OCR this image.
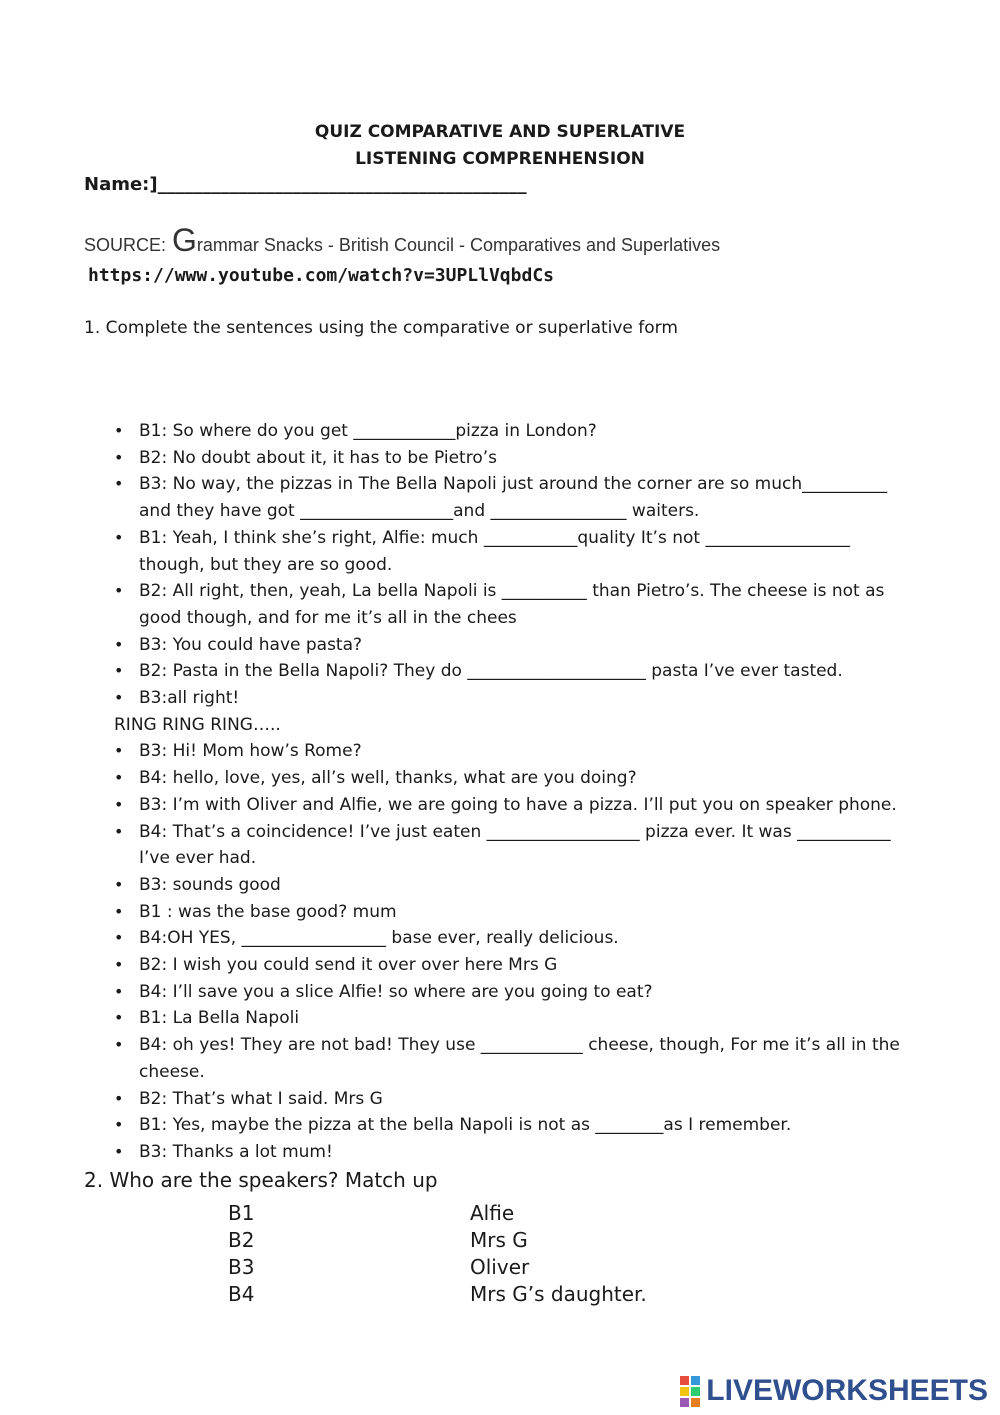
QUIZ COMPARATIVE AND SUPERLATIVE
LISTENING COMPRENHENSION
Name:]_________________________________________
SOURCE: Grammar Snacks - British Council - Comparatives and Superlatives
https://www.youtube.com/watch?v=3UPLlVqbdCs
1. Complete the sentences using the comparative or superlative form
• B1: So where do you get ____________pizza in London?
• B2: No doubt about it, it has to be Pietro’s
• B3: No way, the pizzas in The Bella Napoli just around the corner are so much__________ and they have got __________________and ________________ waiters.
• B1: Yeah, I think she’s right, Alfie: much ___________quality It’s not _________________ though, but they are so good.
• B2: All right, then, yeah, La bella Napoli is __________ than Pietro’s. The cheese is not as good though, and for me it’s all in the chees
• B3: You could have pasta?
• B2: Pasta in the Bella Napoli? They do _____________________ pasta I’ve ever tasted.
• B3:all right!
RING RING RING…..
• B3: Hi! Mom how’s Rome?
• B4: hello, love, yes, all’s well, thanks, what are you doing?
• B3: I’m with Oliver and Alfie, we are going to have a pizza. I’ll put you on speaker phone.
• B4: That’s a coincidence! I’ve just eaten __________________ pizza ever. It was ___________ I’ve ever had.
• B3: sounds good
• B1 : was the base good? mum
• B4:OH YES, _________________ base ever, really delicious.
• B2: I wish you could send it over over here Mrs G
• B4: I’ll save you a slice Alfie! so where are you going to eat?
• B1: La Bella Napoli
• B4: oh yes! They are not bad! They use ____________ cheese, though, For me it’s all in the cheese.
• B2: That’s what I said. Mrs G
• B1: Yes, maybe the pizza at the bella Napoli is not as ________as I remember.
• B3: Thanks a lot mum!
2. Who are the speakers? Match up
B1
B2
B3
B4
Alfie
Mrs G
Oliver
Mrs G’s daughter.
LIVEWORKSHEETS
